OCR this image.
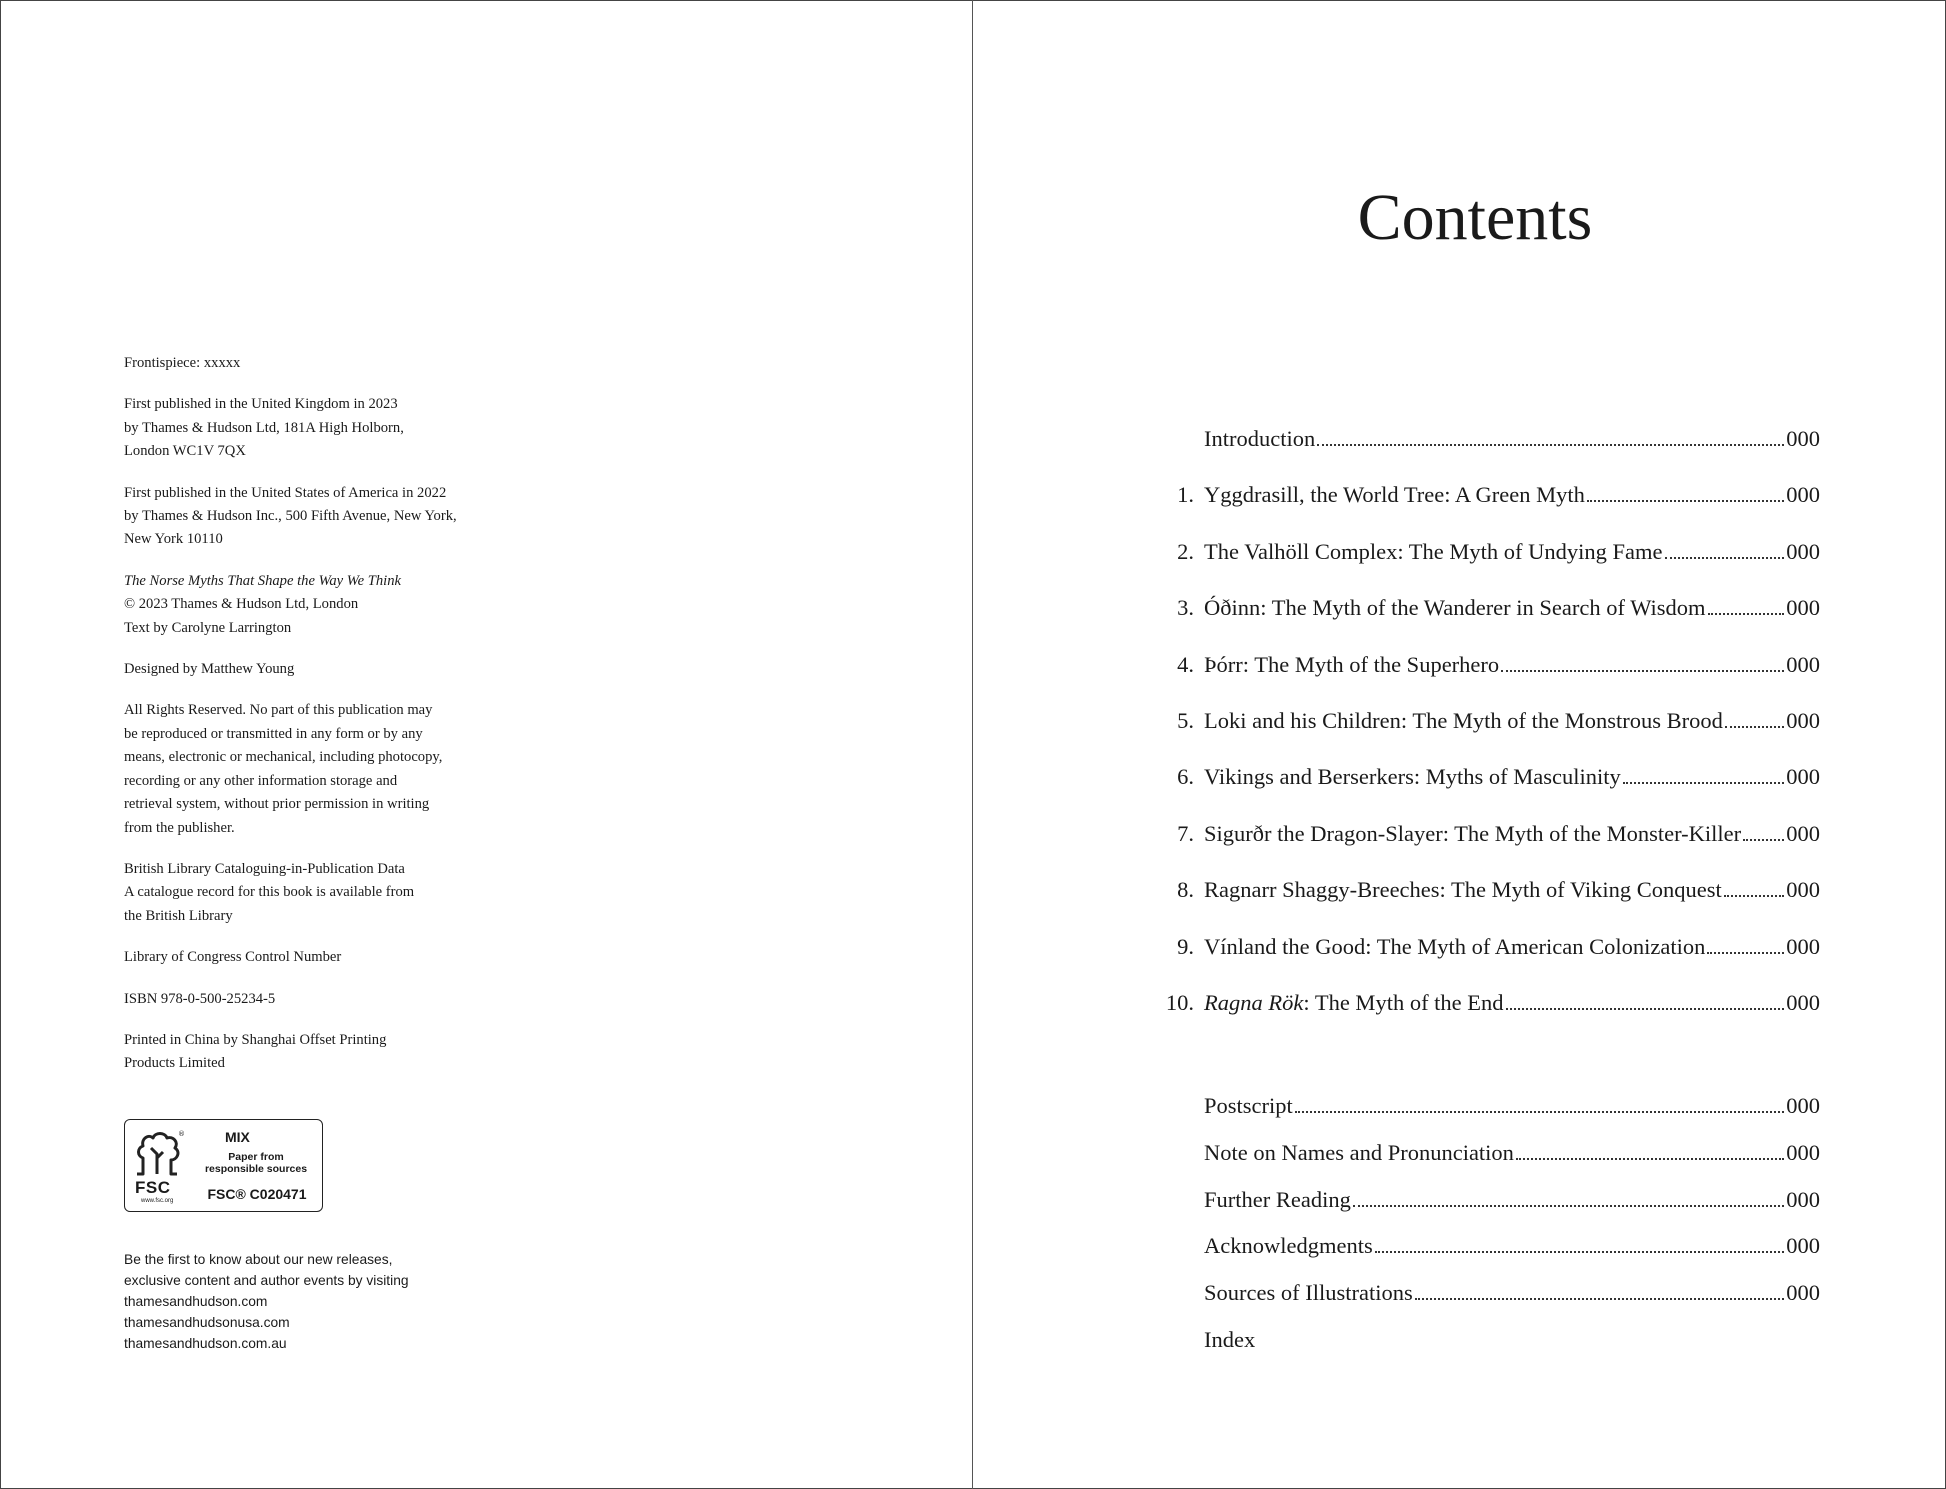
Frontispiece: xxxxx
First published in the United Kingdom in 2023
by Thames & Hudson Ltd, 181A High Holborn,
London WC1V 7QX
First published in the United States of America in 2022
by Thames & Hudson Inc., 500 Fifth Avenue, New York,
New York 10110
The Norse Myths That Shape the Way We Think
© 2023 Thames & Hudson Ltd, London
Text by Carolyne Larrington
Designed by Matthew Young
All Rights Reserved. No part of this publication may
be reproduced or transmitted in any form or by any
means, electronic or mechanical, including photocopy,
recording or any other information storage and
retrieval system, without prior permission in writing
from the publisher.
British Library Cataloguing-in-Publication Data
A catalogue record for this book is available from
the British Library
Library of Congress Control Number
ISBN 978-0-500-25234-5
Printed in China by Shanghai Offset Printing
Products Limited
®
FSC
www.fsc.org
MIX
Paper from
responsible sources
FSC® C020471
Be the first to know about our new releases,
exclusive content and author events by visiting
thamesandhudson.com
thamesandhudsonusa.com
thamesandhudson.com.au
Contents
Introduction	000
1. Yggdrasill, the World Tree: A Green Myth	000
2. The Valhöll Complex: The Myth of Undying Fame	000
3. Óðinn: The Myth of the Wanderer in Search of Wisdom	000
4. Þórr: The Myth of the Superhero	000
5. Loki and his Children: The Myth of the Monstrous Brood	000
6. Vikings and Berserkers: Myths of Masculinity	000
7. Sigurðr the Dragon-Slayer: The Myth of the Monster-Killer 000
8. Ragnarr Shaggy-Breeches: The Myth of Viking Conquest	000
9. Vínland the Good: The Myth of American Colonization	000
10. Ragna Rök: The Myth of the End	000
Postscript	000
Note on Names and Pronunciation	000
Further Reading	000
Acknowledgments	000
Sources of Illustrations	000
Index
